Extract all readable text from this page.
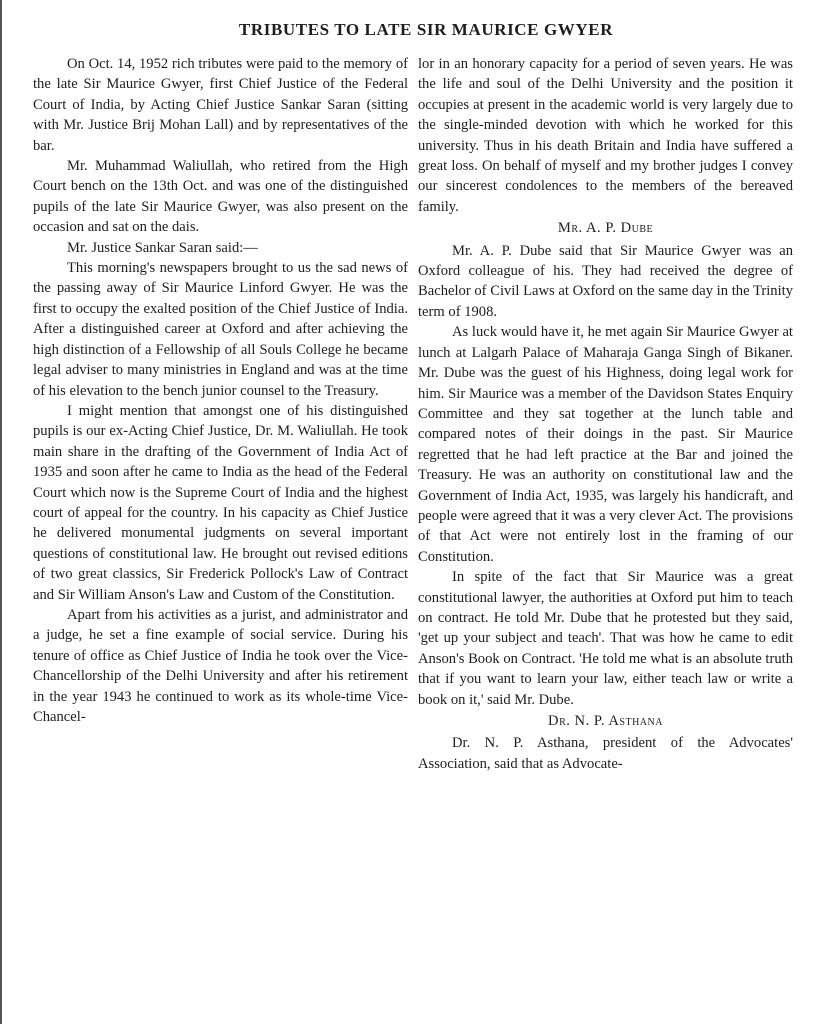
TRIBUTES TO LATE SIR MAURICE GWYER

On Oct. 14, 1952 rich tributes were paid to the memory of the late Sir Maurice Gwyer, first Chief Justice of the Federal Court of India, by Acting Chief Justice Sankar Saran (sitting with Mr. Justice Brij Mohan Lall) and by representatives of the bar.

Mr. Muhammad Waliullah, who retired from the High Court bench on the 13th Oct. and was one of the distinguished pupils of the late Sir Maurice Gwyer, was also present on the occasion and sat on the dais.

Mr. Justice Sankar Saran said:—

This morning's newspapers brought to us the sad news of the passing away of Sir Maurice Linford Gwyer. He was the first to occupy the exalted position of the Chief Justice of India. After a distinguished career at Oxford and after achieving the high distinction of a Fellowship of all Souls College he became legal adviser to many ministries in England and was at the time of his elevation to the bench junior counsel to the Treasury.

I might mention that amongst one of his distinguished pupils is our ex-Acting Chief Justice, Dr. M. Waliullah. He took main share in the drafting of the Government of India Act of 1935 and soon after he came to India as the head of the Federal Court which now is the Supreme Court of India and the highest court of appeal for the country. In his capacity as Chief Justice he delivered monumental judgments on several important questions of constitutional law. He brought out revised editions of two great classics, Sir Frederick Pollock's Law of Contract and Sir William Anson's Law and Custom of the Constitution.

Apart from his activities as a jurist, and administrator and a judge, he set a fine example of social service. During his tenure of office as Chief Justice of India he took over the Vice-Chancellorship of the Delhi University and after his retirement in the year 1943 he continued to work as its whole-time Vice-Chancel-

lor in an honorary capacity for a period of seven years. He was the life and soul of the Delhi University and the position it occupies at present in the academic world is very largely due to the single-minded devotion with which he worked for this university. Thus in his death Britain and India have suffered a great loss. On behalf of myself and my brother judges I convey our sincerest condolences to the members of the bereaved family.

Mr. A. P. Dube

Mr. A. P. Dube said that Sir Maurice Gwyer was an Oxford colleague of his. They had received the degree of Bachelor of Civil Laws at Oxford on the same day in the Trinity term of 1908.

As luck would have it, he met again Sir Maurice Gwyer at lunch at Lalgarh Palace of Maharaja Ganga Singh of Bikaner. Mr. Dube was the guest of his Highness, doing legal work for him. Sir Maurice was a member of the Davidson States Enquiry Committee and they sat together at the lunch table and compared notes of their doings in the past. Sir Maurice regretted that he had left practice at the Bar and joined the Treasury. He was an authority on constitutional law and the Government of India Act, 1935, was largely his handicraft, and people were agreed that it was a very clever Act. The provisions of that Act were not entirely lost in the framing of our Constitution.

In spite of the fact that Sir Maurice was a great constitutional lawyer, the authorities at Oxford put him to teach on contract. He told Mr. Dube that he protested but they said, 'get up your subject and teach'. That was how he came to edit Anson's Book on Contract. 'He told me what is an absolute truth that if you want to learn your law, either teach law or write a book on it,' said Mr. Dube.

Dr. N. P. Asthana

Dr. N. P. Asthana, president of the Advocates' Association, said that as Advocate-
